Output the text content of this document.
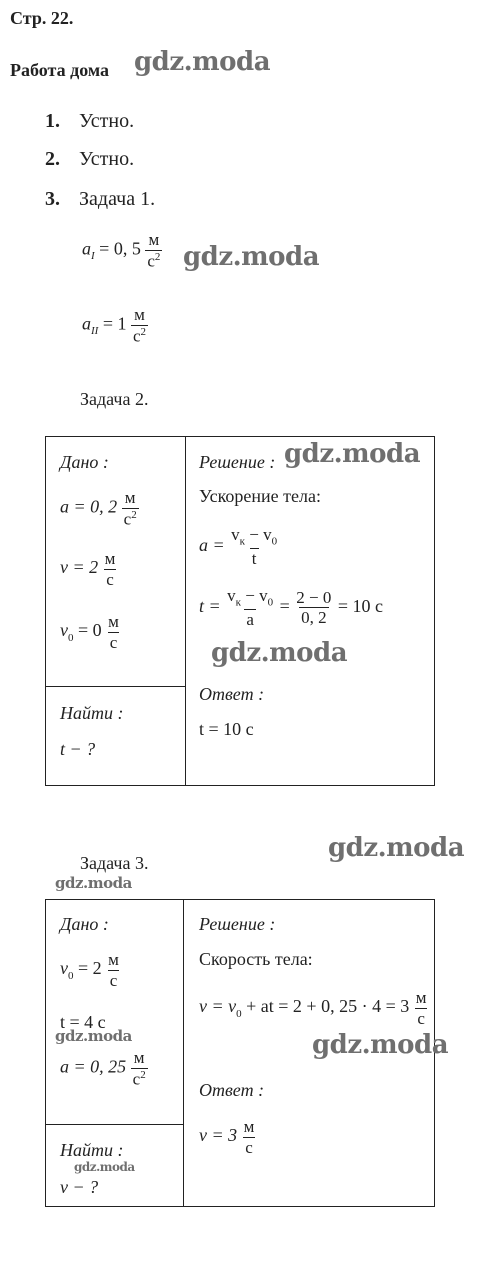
Стр. 22.
Работа дома gdz.moda
1. Устно.
2. Устно.
3. Задача 1.
$a_I = 0$, $5 \frac{м}{с^2}$ gdz.moda
$a_{II} = 1 \frac{м}{с^2}$
Задача 2.
Дано :
a = 0, $2 \frac{м}{с^2}$
$v = 2 \frac{м}{с}$
$v_0 = 0 \frac{м}{с}$
Найти :
t − ?
Решение : gdz.moda
Ускорение тела:
$a = \frac{v_к - v_0}{t}$
$t = \frac{v_к - v_0}{a} = \frac{2 - 0}{0, 2} = 10$ с
gdz.moda
Ответ :
t = 10 с
gdz.moda
Задача 3.
gdz.moda
Дано :
$v_0 = 2 \frac{м}{с}$
t = 4 с
gdz.moda
a = 0, $25 \frac{м}{с^2}$
Найти :
gdz.moda
v − ?
Решение :
Скорость тела:
$v = v_0$ + at = 2 + 0, $25 \cdot 4 = 3 \frac{м}{с}$
gdz.moda
Ответ :
$v = 3 \frac{м}{с}$
